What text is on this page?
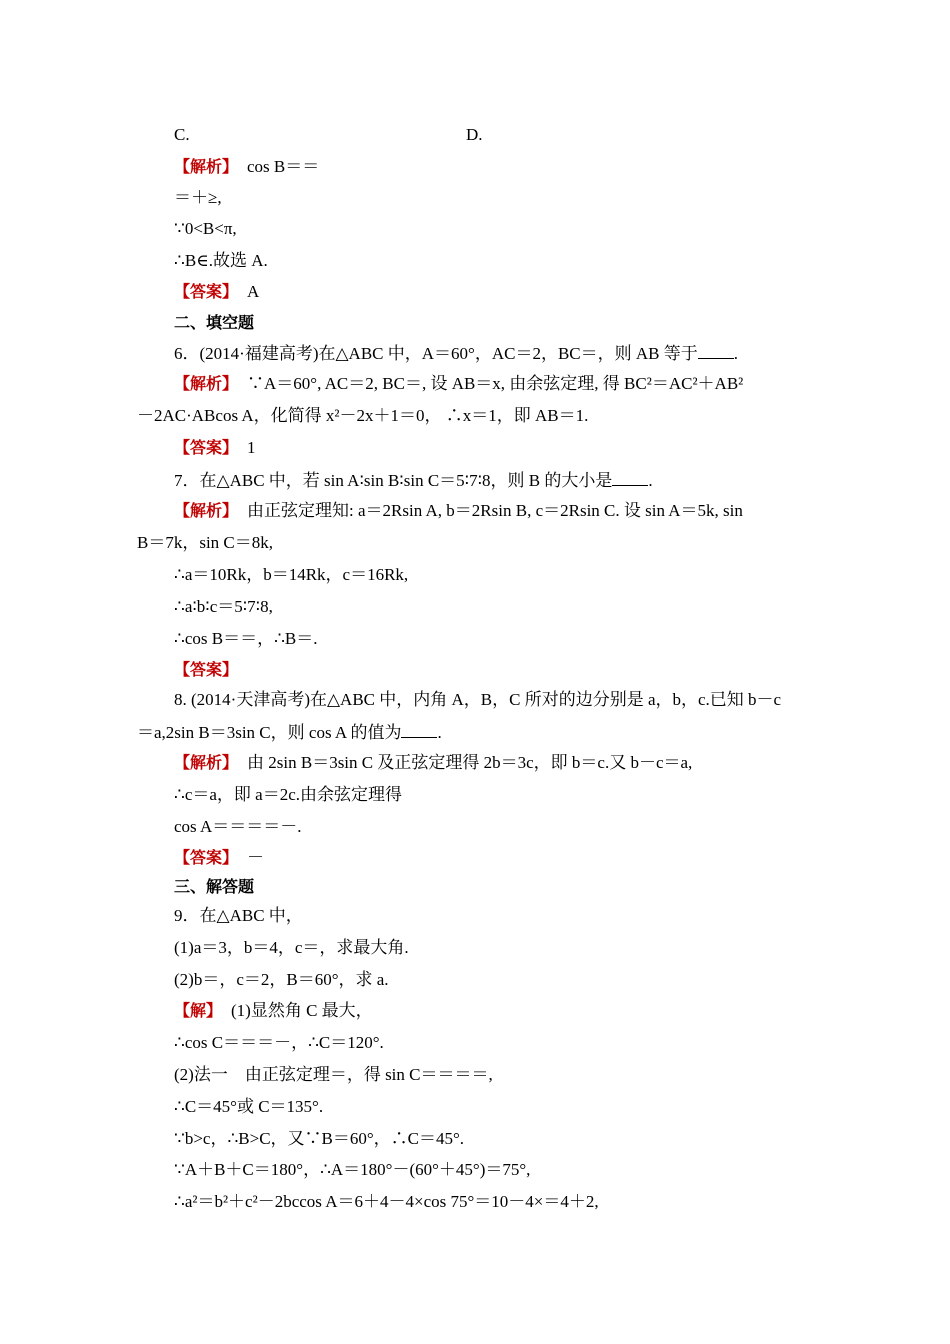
C.	D.
【解析】　cos B＝＝
＝＋≥,
∵0<B<π,
∴B∈.故选 A.
【答案】　A
二、填空题
6．(2014·福建高考)在△ABC 中，A＝60°，AC＝2，BC＝，则 AB 等于 .
【解析】　∵A＝60°, AC＝2, BC＝, 设 AB＝x, 由余弦定理, 得 BC²＝AC²＋AB²
－2AC·ABcos A，化简得 x²－2x＋1＝0， ∴x＝1，即 AB＝1.
【答案】　1
7．在△ABC 中，若 sin A∶sin B∶sin C＝5∶7∶8，则 B 的大小是 .
【解析】　由正弦定理知: a＝2Rsin A, b＝2Rsin B, c＝2Rsin C. 设 sin A＝5k, sin
B＝7k，sin C＝8k,
∴a＝10Rk，b＝14Rk，c＝16Rk,
∴a∶b∶c＝5∶7∶8,
∴cos B＝＝，∴B＝.
【答案】
8. (2014·天津高考)在△ABC 中，内角 A，B，C 所对的边分别是 a，b，c.已知 b－c
＝a,2sin B＝3sin C，则 cos A 的值为 .
【解析】　由 2sin B＝3sin C 及正弦定理得 2b＝3c，即 b＝c.又 b－c＝a,
∴c＝a，即 a＝2c.由余弦定理得
cos A＝＝＝＝－.
【答案】　－
三、解答题
9．在△ABC 中，
(1)a＝3，b＝4，c＝，求最大角.
(2)b＝，c＝2，B＝60°，求 a.
【解】　(1)显然角 C 最大，
∴cos C＝＝＝－，∴C＝120°.
(2)法一　由正弦定理＝，得 sin C＝＝＝＝,
∴C＝45°或 C＝135°.
∵b>c，∴B>C，又∵B＝60°，∴C＝45°.
∵A＋B＋C＝180°，∴A＝180°－(60°＋45°)＝75°,
∴a²＝b²＋c²－2bccos A＝6＋4－4×cos 75°＝10－4×＝4＋2,
